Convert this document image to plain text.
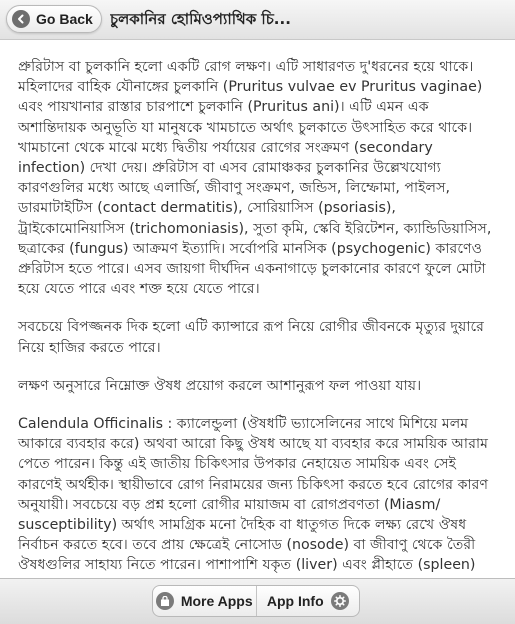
Go Back চুলকানির হোমিওপ্যাথিক চি...

প্রুরিটাস বা চুলকানি হলো একটি রোগ লক্ষণ। এটি সাধারণত দু'ধরনের হয়ে থাকে। মহিলাদের বাহিক যৌনাঙ্গের চুলকানি (Pruritus vulvae ev Pruritus vaginae) এবং পায়খানার রাস্তার চারপাশে চুলকানি (Pruritus ani)। এটি এমন এক অশান্তিদায়ক অনুভূতি যা মানুষকে খামচাতে অর্থাৎ চুলকাতে উৎসাহিত করে থাকে। খামচানো থেকে মাঝে মধ্যে দ্বিতীয় পর্যায়ের রোগের সংক্রমণ (secondary infection) দেখা দেয়। প্রুরিটাস বা এসব রোমাঞ্চকর চুলকানির উল্লেখযোগ্য কারণগুলির মধ্যে আছে এলার্জি, জীবাণু সংক্রমণ, জন্ডিস, লিম্ফোমা, পাইলস, ডারমাটাইটিস (contact dermatitis), সোরিয়াসিস (psoriasis), ট্রাইকোমোনিয়াসিস (trichomoniasis), সুতা কৃমি, স্কেবি ইরিটেশন, ক্যান্ডিডিয়াসিস, ছত্রাকের (fungus) আক্রমণ ইত্যাদি। সর্বোপরি মানসিক (psychogenic) কারণেও প্রুরিটাস হতে পারে। এসব জায়গা দীর্ঘদিন একনাগাড়ে চুলকানোর কারণে ফুলে মোটা হয়ে যেতে পারে এবং শক্ত হয়ে যেতে পারে।

সবচেয়ে বিপজ্জনক দিক হলো এটি ক্যান্সারে রূপ নিয়ে রোগীর জীবনকে মৃত্যুর দুয়ারে নিয়ে হাজির করতে পারে।

লক্ষণ অনুসারে নিম্নোক্ত ঔষধ প্রয়োগ করলে আশানুরূপ ফল পাওয়া যায়।

Calendula Officinalis : ক্যালেন্ডুলা (ঔষধটি ভ্যাসেলিনের সাথে মিশিয়ে মলম আকারে ব্যবহার করে) অথবা আরো কিছু ঔষধ আছে যা ব্যবহার করে সাময়িক আরাম পেতে পারেন। কিন্তু এই জাতীয় চিকিৎসার উপকার নেহায়েত সাময়িক এবং সেই কারণেই অর্থহীক। স্থায়ীভাবে রোগ নিরাময়ের জন্য চিকিৎসা করতে হবে রোগের কারণ অনুযায়ী। সবচেয়ে বড় প্রশ্ন হলো রোগীর মায়াজম বা রোগপ্রবণতা (Miasm/ susceptibility) অর্থাৎ সামগ্রিক মনো দৈহিক বা ধাতুগত দিকে লক্ষ্য রেখে ঔষধ নির্বাচন করতে হবে। তবে প্রায় ক্ষেত্রেই নোসোড (nosode) বা জীবাণু থেকে তৈরী ঔষধগুলির সাহায্য নিতে পারেন। পাশাপাশি যকৃত (liver) এবং প্লীহাতে (spleen)

More Apps App Info
